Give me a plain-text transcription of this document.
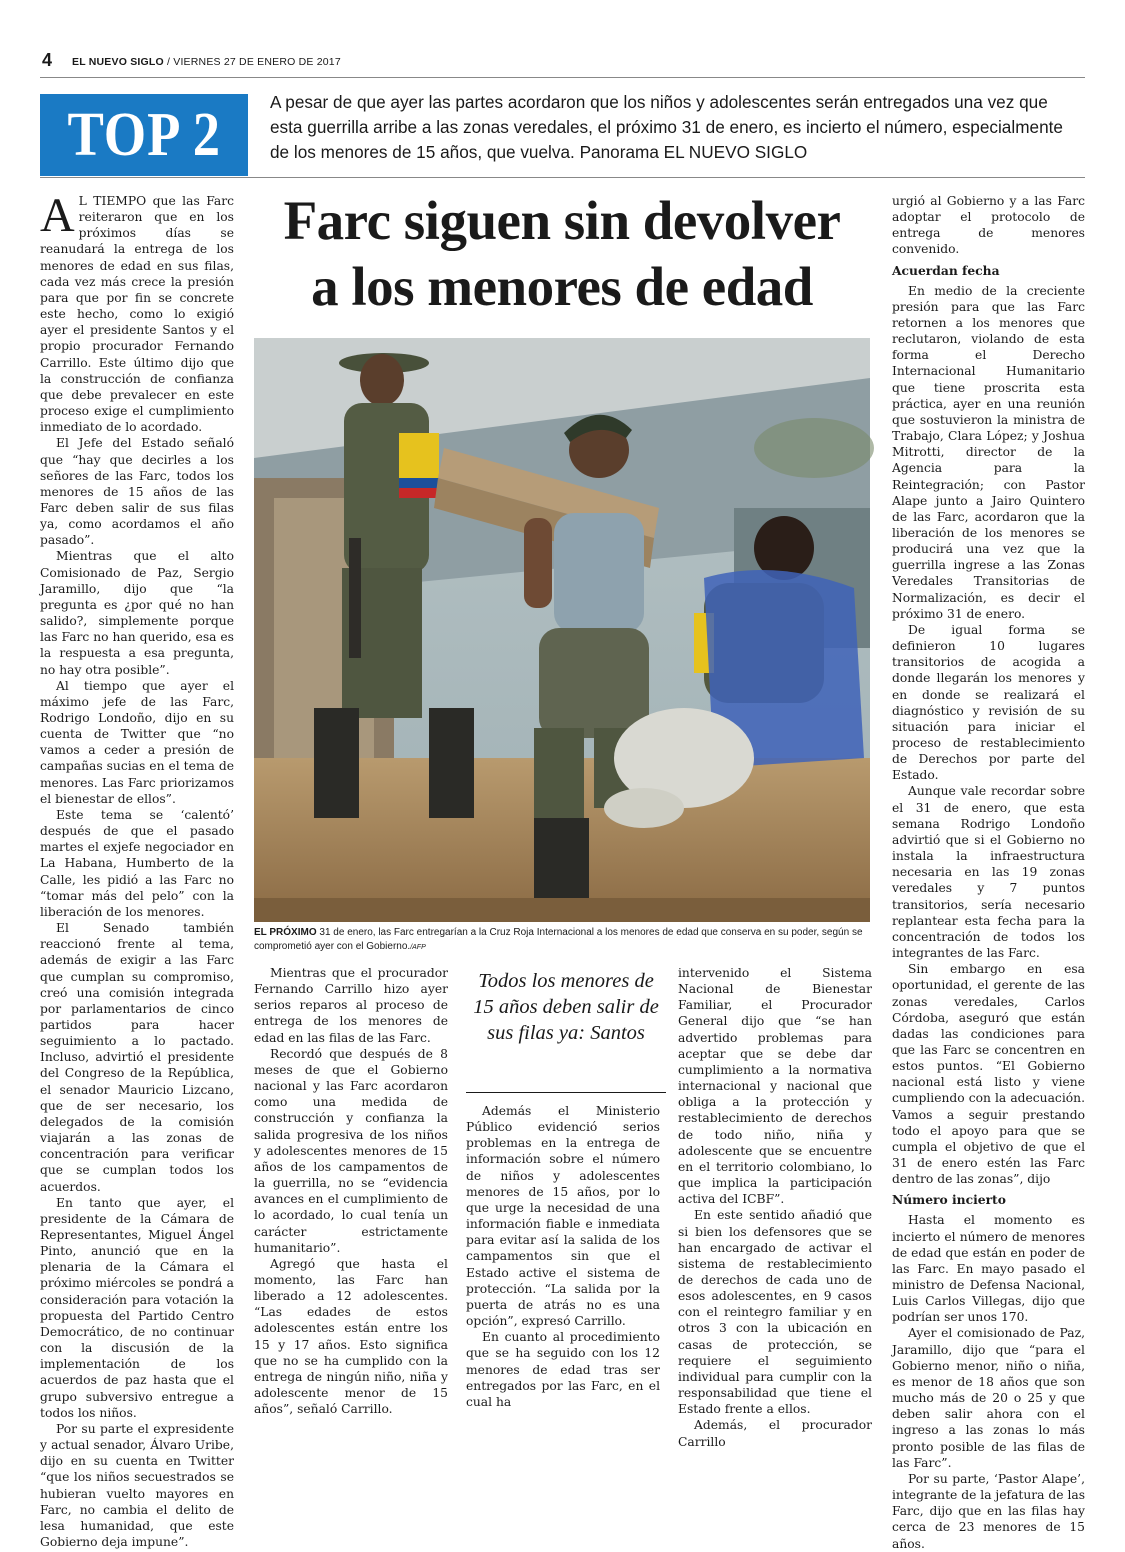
4 EL NUEVO SIGLO / VIERNES 27 DE ENERO DE 2017
TOP 2	A pesar de que ayer las partes acordaron que los niños y adolescentes serán entregados una vez que esta guerrilla arribe a las zonas veredales, el próximo 31 de enero, es incierto el número, especialmente de los menores de 15 años, que vuelva. Panorama EL NUEVO SIGLO

A L TIEMPO que las Farc reiteraron que en los próximos días se reanudará la entrega de los menores de edad en sus filas, cada vez más crece la presión para que por fin se concrete este hecho, como lo exigió ayer el presidente Santos y el propio procurador Fernando Carrillo. Este último dijo que la construcción de confianza que debe prevalecer en este proceso exige el cumplimiento inmediato de lo acordado.

El Jefe del Estado señaló que “hay que decirles a los señores de las Farc, todos los menores de 15 años de las Farc deben salir de sus filas ya, como acordamos el año pasado”.

Mientras que el alto Comisionado de Paz, Sergio Jaramillo, dijo que “la pregunta es ¿por qué no han salido?, simplemente porque las Farc no han querido, esa es la respuesta a esa pregunta, no hay otra posible”.

Al tiempo que ayer el máximo jefe de las Farc, Rodrigo Londoño, dijo en su cuenta de Twitter que “no vamos a ceder a presión de campañas sucias en el tema de menores. Las Farc priorizamos el bienestar de ellos”.

Este tema se ‘calentó’ después de que el pasado martes el exjefe negociador en La Habana, Humberto de la Calle, les pidió a las Farc no “tomar más del pelo” con la liberación de los menores.

El Senado también reaccionó frente al tema, además de exigir a las Farc que cumplan su compromiso, creó una comisión integrada por parlamentarios de cinco partidos para hacer seguimiento a lo pactado. Incluso, advirtió el presidente del Congreso de la República, el senador Mauricio Lizcano, que de ser necesario, los delegados de la comisión viajarán a las zonas de concentración para verificar que se cumplan todos los acuerdos.

En tanto que ayer, el presidente de la Cámara de Representantes, Miguel Ángel Pinto, anunció que en la plenaria de la Cámara el próximo miércoles se pondrá a consideración para votación la propuesta del Partido Centro Democrático, de no continuar con la discusión de la implementación de los acuerdos de paz hasta que el grupo subversivo entregue a todos los niños.

Por su parte el expresidente y actual senador, Álvaro Uribe, dijo en su cuenta en Twitter “que los niños secuestrados se hubieran vuelto mayores en Farc, no cambia el delito de lesa humanidad, que este Gobierno deja impune”.

Farc siguen sin devolver
a los menores de edad
EL PRÓXIMO 31 de enero, las Farc entregarían a la Cruz Roja Internacional a los menores de edad que conserva en su poder, según se comprometió ayer con el Gobierno./AFP

Mientras que el procurador Fernando Carrillo hizo ayer serios reparos al proceso de entrega de los menores de edad en las filas de las Farc.

Recordó que después de 8 meses de que el Gobierno nacional y las Farc acordaron como una medida de construcción y confianza la salida progresiva de los niños y adolescentes menores de 15 años de los campamentos de la guerrilla, no se “evidencia avances en el cumplimiento de lo acordado, lo cual tenía un carácter estrictamente humanitario”.

Agregó que hasta el momento, las Farc han liberado a 12 adolescentes. “Las edades de estos adolescentes están entre los 15 y 17 años. Esto significa que no se ha cumplido con la entrega de ningún niño, niña y adolescente menor de 15 años”, señaló Carrillo.

Todos los menores de 15 años deben salir de sus filas ya: Santos

Además el Ministerio Público evidenció serios problemas en la entrega de información sobre el número de niños y adolescentes menores de 15 años, por lo que urge la necesidad de una información fiable e inmediata para evitar así la salida de los campamentos sin que el Estado active el sistema de protección. “La salida por la puerta de atrás no es una opción”, expresó Carrillo.

En cuanto al procedimiento que se ha seguido con los 12 menores de edad tras ser entregados por las Farc, en el cual ha

intervenido el Sistema Nacional de Bienestar Familiar, el Procurador General dijo que “se han advertido problemas para aceptar que se debe dar cumplimiento a la normativa internacional y nacional que obliga a la protección y restablecimiento de derechos de todo niño, niña y adolescente que se encuentre en el territorio colombiano, lo que implica la participación activa del ICBF”.

En este sentido añadió que si bien los defensores que se han encargado de activar el sistema de restablecimiento de derechos de cada uno de esos adolescentes, en 9 casos con el reintegro familiar y en otros 3 con la ubicación en casas de protección, se requiere el seguimiento individual para cumplir con la responsabilidad que tiene el Estado frente a ellos.

Además, el procurador Carrillo

urgió al Gobierno y a las Farc adoptar el protocolo de entrega de menores convenido.

Acuerdan fecha

En medio de la creciente presión para que las Farc retornen a los menores que reclutaron, violando de esta forma el Derecho Internacional Humanitario que tiene proscrita esta práctica, ayer en una reunión que sostuvieron la ministra de Trabajo, Clara López; y Joshua Mitrotti, director de la Agencia para la Reintegración; con Pastor Alape junto a Jairo Quintero de las Farc, acordaron que la liberación de los menores se producirá una vez que la guerrilla ingrese a las Zonas Veredales Transitorias de Normalización, es decir el próximo 31 de enero.

De igual forma se definieron 10 lugares transitorios de acogida a donde llegarán los menores y en donde se realizará el diagnóstico y revisión de su situación para iniciar el proceso de restablecimiento de Derechos por parte del Estado.

Aunque vale recordar sobre el 31 de enero, que esta semana Rodrigo Londoño advirtió que si el Gobierno no instala la infraestructura necesaria en las 19 zonas veredales y 7 puntos transitorios, sería necesario replantear esta fecha para la concentración de todos los integrantes de las Farc.

Sin embargo en esa oportunidad, el gerente de las zonas veredales, Carlos Córdoba, aseguró que están dadas las condiciones para que las Farc se concentren en estos puntos. “El Gobierno nacional está listo y viene cumpliendo con la adecuación. Vamos a seguir prestando todo el apoyo para que se cumpla el objetivo de que el 31 de enero estén las Farc dentro de las zonas”, dijo

Número incierto

Hasta el momento es incierto el número de menores de edad que están en poder de las Farc. En mayo pasado el ministro de Defensa Nacional, Luis Carlos Villegas, dijo que podrían ser unos 170.

Ayer el comisionado de Paz, Jaramillo, dijo que “para el Gobierno menor, niño o niña, es menor de 18 años que son mucho más de 20 o 25 y que deben salir ahora con el ingreso a las zonas lo más pronto posible de las filas de las Farc”.

Por su parte, ‘Pastor Alape’, integrante de la jefatura de las Farc, dijo que en las filas hay cerca de 23 menores de 15 años.
